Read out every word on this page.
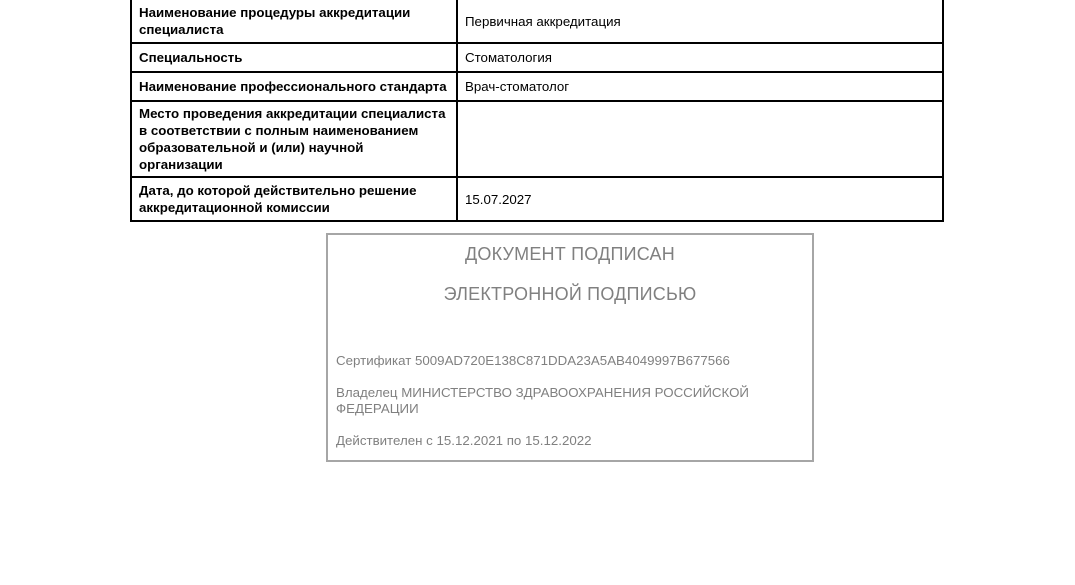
Наименование процедуры аккредитации специалиста	Первичная аккредитация
Специальность	Стоматология
Наименование профессионального стандарта	Врач-стоматолог
Место проведения аккредитации специалиста в соответствии с полным наименованием образовательной и (или) научной организации	
Дата, до которой действительно решение аккредитационной комиссии	15.07.2027
ДОКУМЕНТ ПОДПИСАН
ЭЛЕКТРОННОЙ ПОДПИСЬЮ
Сертификат 5009AD720E138C871DDA23A5AB4049997B677566
Владелец МИНИСТЕРСТВО ЗДРАВООХРАНЕНИЯ РОССИЙСКОЙ ФЕДЕРАЦИИ
Действителен с 15.12.2021 по 15.12.2022
